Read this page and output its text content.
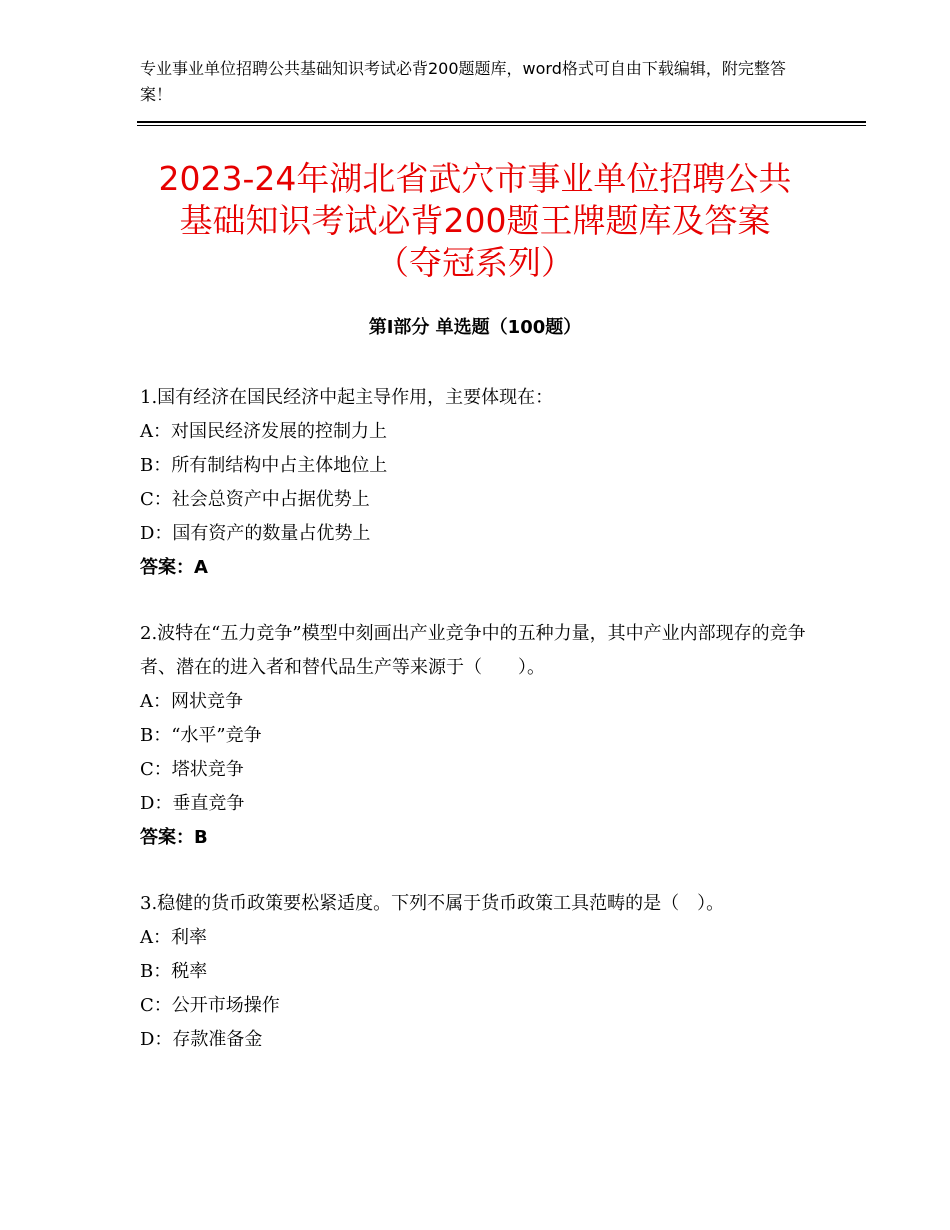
专业事业单位招聘公共基础知识考试必背200题题库，word格式可自由下载编辑，附完整答案！
2023-24年湖北省武穴市事业单位招聘公共
基础知识考试必背200题王牌题库及答案
（夺冠系列）
第Ⅰ部分 单选题（100题）
1.国有经济在国民经济中起主导作用，主要体现在：
A：对国民经济发展的控制力上
B：所有制结构中占主体地位上
C：社会总资产中占据优势上
D：国有资产的数量占优势上
答案：A
2.波特在“五力竞争”模型中刻画出产业竞争中的五种力量，其中产业内部现存的竞争者、潜在的进入者和替代品生产等来源于（　　）。
A：网状竞争
B：“水平”竞争
C：塔状竞争
D：垂直竞争
答案：B
3.稳健的货币政策要松紧适度。下列不属于货币政策工具范畴的是（　）。
A：利率
B：税率
C：公开市场操作
D：存款准备金
